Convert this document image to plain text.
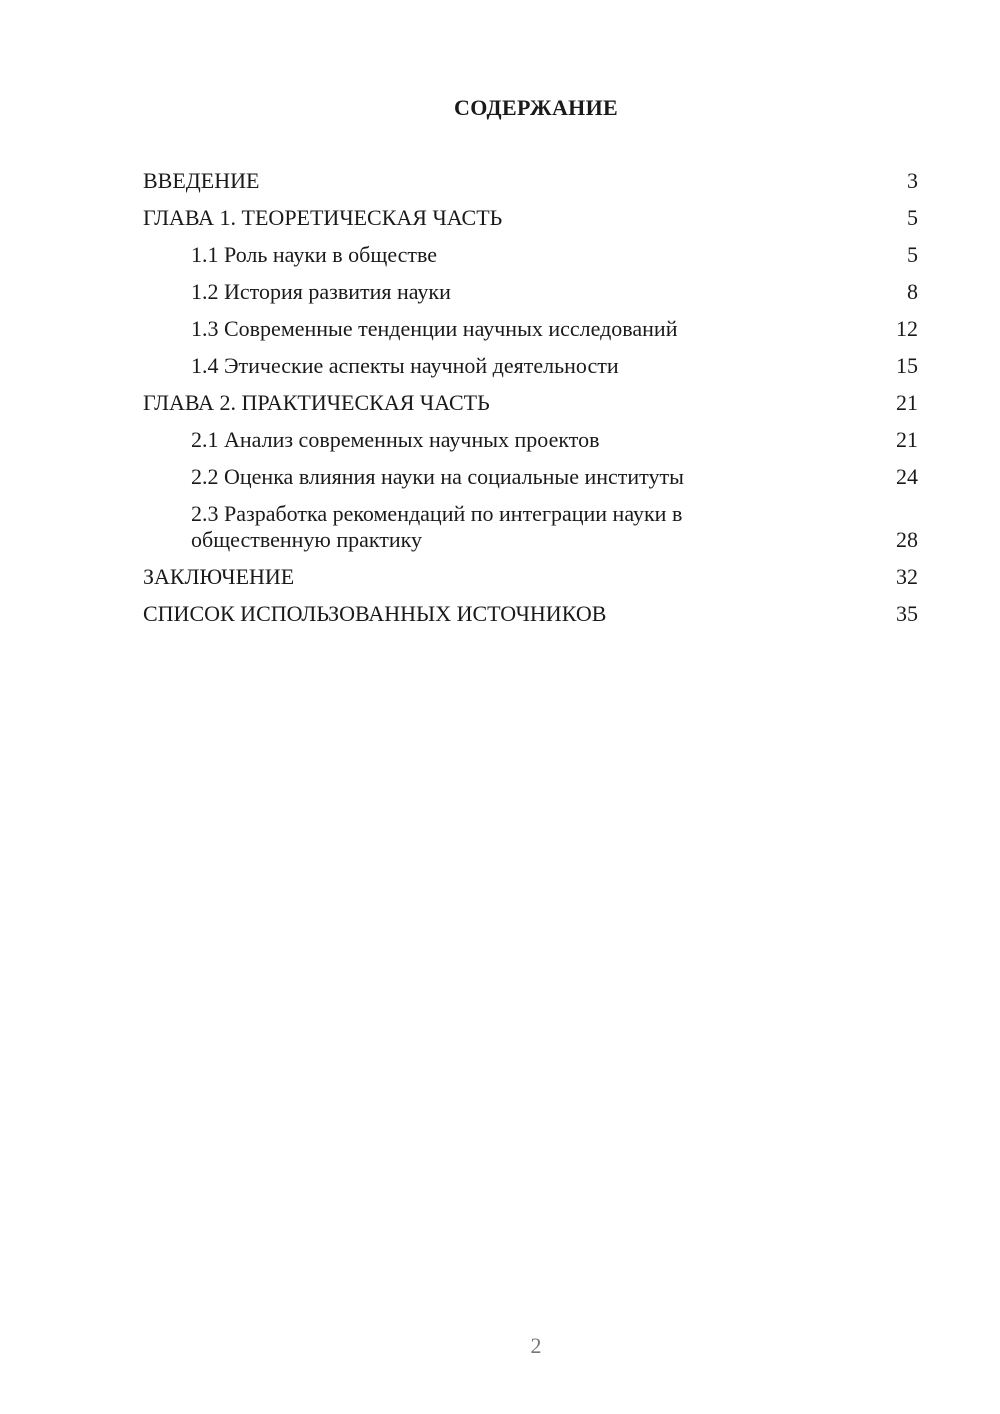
СОДЕРЖАНИЕ
ВВЕДЕНИЕ	3
ГЛАВА 1. ТЕОРЕТИЧЕСКАЯ ЧАСТЬ	5
1.1 Роль науки в обществе	5
1.2 История развития науки	8
1.3 Современные тенденции научных исследований	12
1.4 Этические аспекты научной деятельности	15
ГЛАВА 2. ПРАКТИЧЕСКАЯ ЧАСТЬ	21
2.1 Анализ современных научных проектов	21
2.2 Оценка влияния науки на социальные институты	24
2.3 Разработка рекомендаций по интеграции науки в общественную практику	28
ЗАКЛЮЧЕНИЕ	32
СПИСОК ИСПОЛЬЗОВАННЫХ ИСТОЧНИКОВ	35
2
